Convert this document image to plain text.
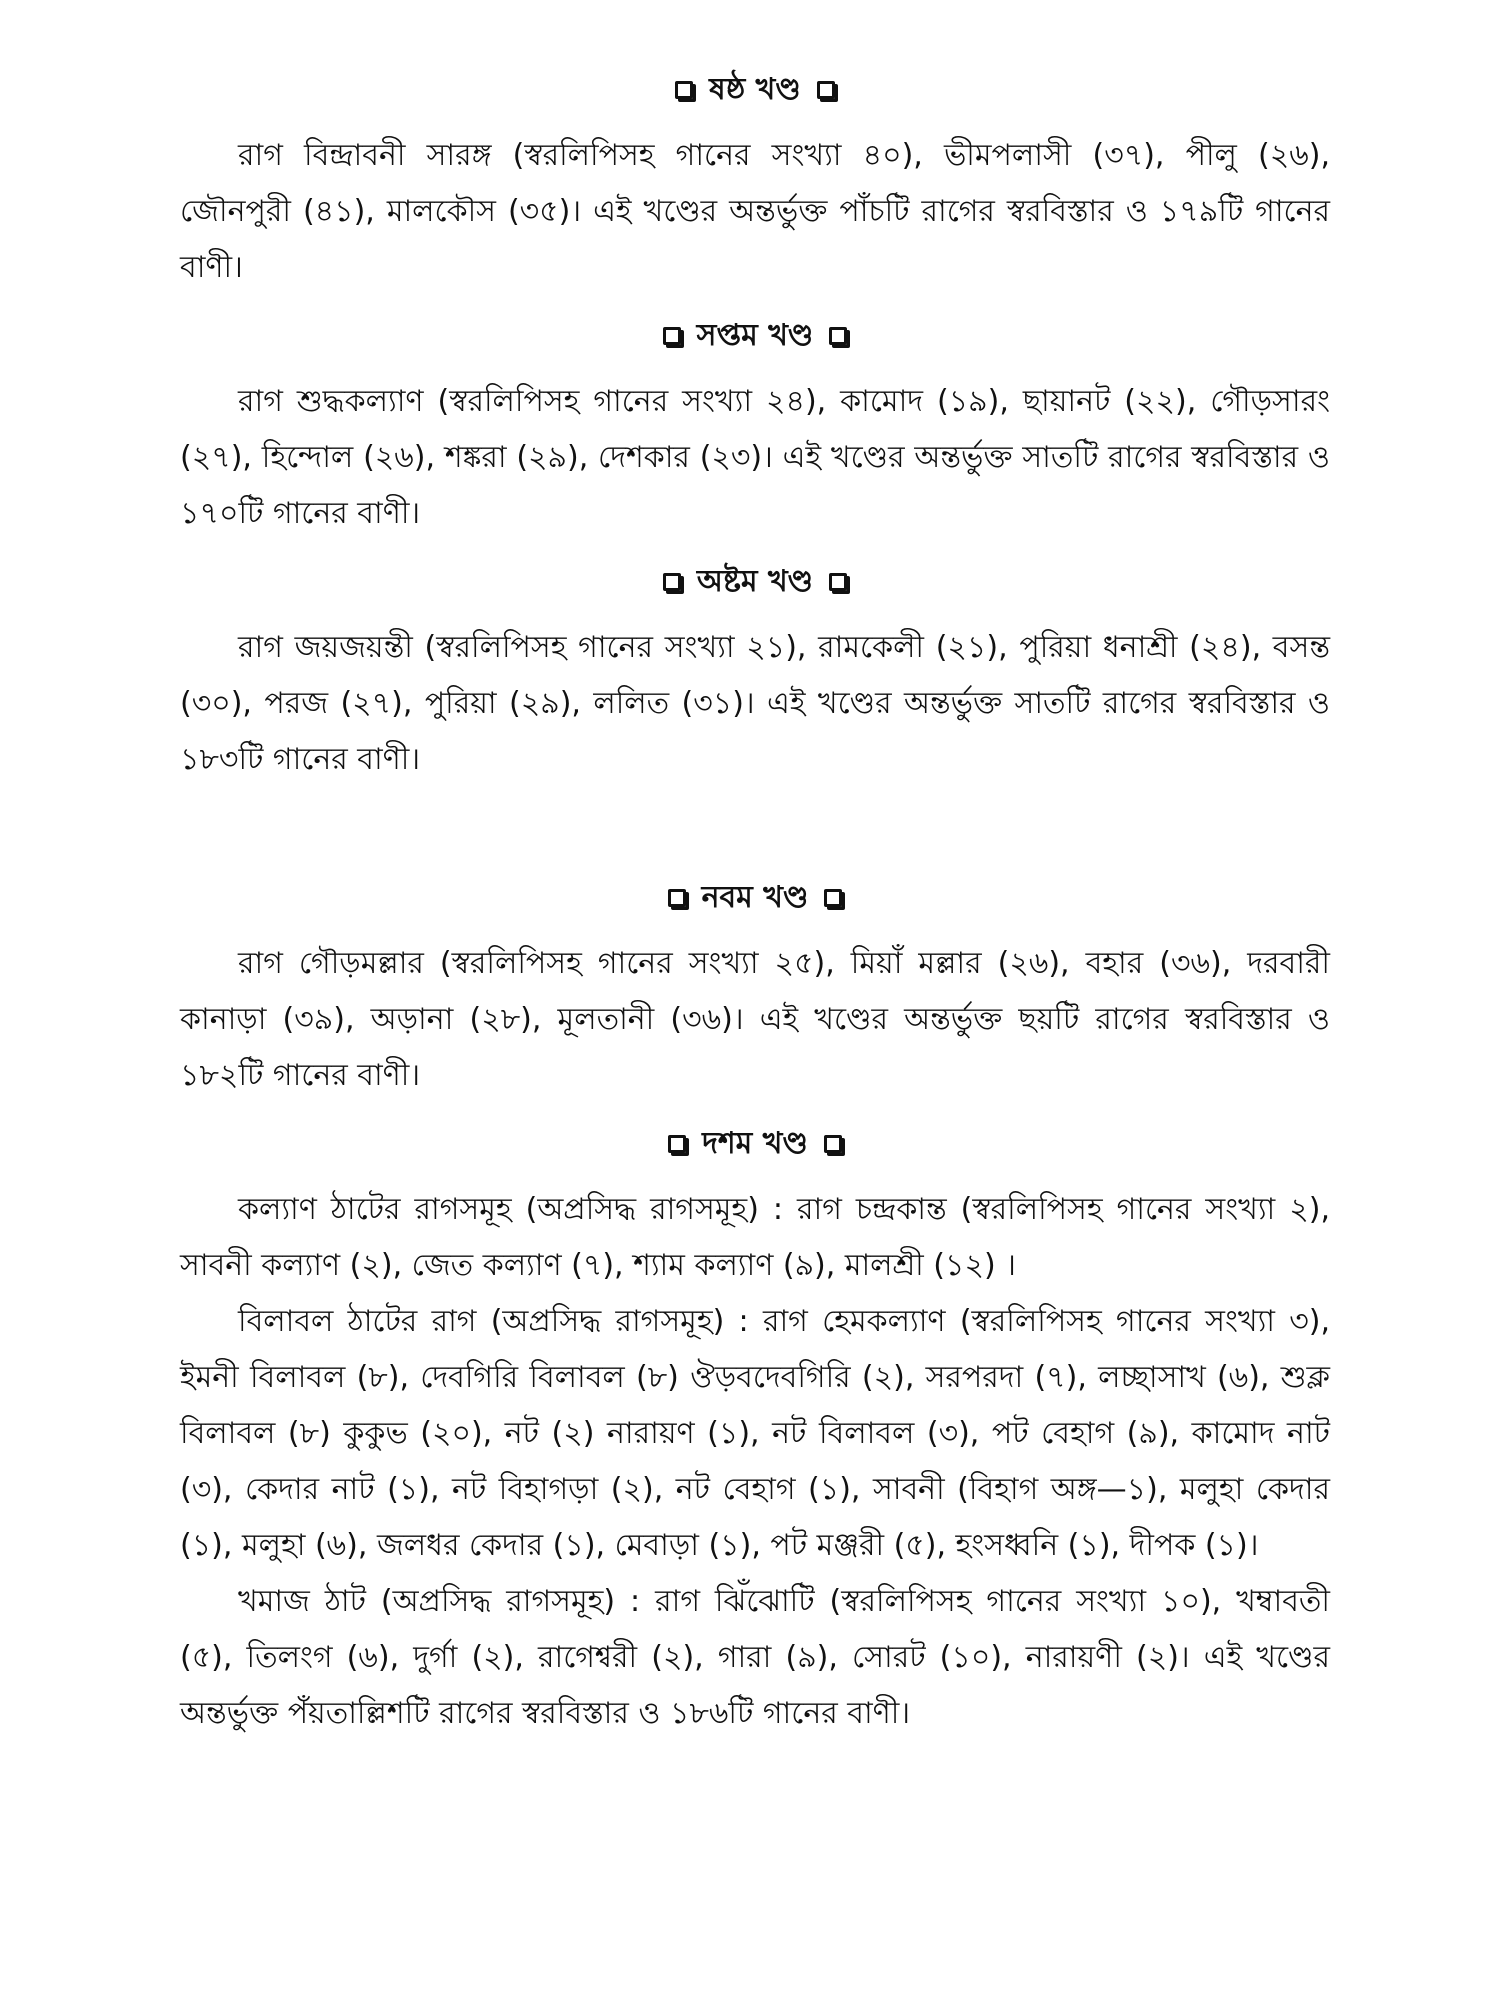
ষষ্ঠ খণ্ড

রাগ বিন্দ্রাবনী সারঙ্গ (স্বরলিপিসহ গানের সংখ্যা ৪০), ভীমপলাসী (৩৭), পীলু (২৬), জৌনপুরী (৪১), মালকৌস (৩৫)। এই খণ্ডের অন্তর্ভুক্ত পাঁচটি রাগের স্বরবিস্তার ও ১৭৯টি গানের বাণী।

সপ্তম খণ্ড

রাগ শুদ্ধকল্যাণ (স্বরলিপিসহ গানের সংখ্যা ২৪), কামোদ (১৯), ছায়ানট (২২), গৌড়সারং (২৭), হিন্দোল (২৬), শঙ্করা (২৯), দেশকার (২৩)। এই খণ্ডের অন্তর্ভুক্ত সাতটি রাগের স্বরবিস্তার ও ১৭০টি গানের বাণী।

অষ্টম খণ্ড

রাগ জয়জয়ন্তী (স্বরলিপিসহ গানের সংখ্যা ২১), রামকেলী (২১), পুরিয়া ধনাশ্রী (২৪), বসন্ত (৩০), পরজ (২৭), পুরিয়া (২৯), ললিত (৩১)। এই খণ্ডের অন্তর্ভুক্ত সাতটি রাগের স্বরবিস্তার ও ১৮৩টি গানের বাণী।

নবম খণ্ড

রাগ গৌড়মল্লার (স্বরলিপিসহ গানের সংখ্যা ২৫), মিয়াঁ মল্লার (২৬), বহার (৩৬), দরবারী কানাড়া (৩৯), অড়ানা (২৮), মূলতানী (৩৬)। এই খণ্ডের অন্তর্ভুক্ত ছয়টি রাগের স্বরবিস্তার ও ১৮২টি গানের বাণী।

দশম খণ্ড

কল্যাণ ঠাটের রাগসমূহ (অপ্রসিদ্ধ রাগসমূহ) : রাগ চন্দ্রকান্ত (স্বরলিপিসহ গানের সংখ্যা ২), সাবনী কল্যাণ (২), জেত কল্যাণ (৭), শ্যাম কল্যাণ (৯), মালশ্রী (১২) ।

বিলাবল ঠাটের রাগ (অপ্রসিদ্ধ রাগসমূহ) : রাগ হেমকল্যাণ (স্বরলিপিসহ গানের সংখ্যা ৩), ইমনী বিলাবল (৮), দেবগিরি বিলাবল (৮) ঔড়বদেবগিরি (২), সরপরদা (৭), লচ্ছাসাখ (৬), শুক্ল বিলাবল (৮) কুকুভ (২০), নট (২) নারায়ণ (১), নট বিলাবল (৩), পট বেহাগ (৯), কামোদ নাট (৩), কেদার নাট (১), নট বিহাগড়া (২), নট বেহাগ (১), সাবনী (বিহাগ অঙ্গ—১), মলুহা কেদার (১), মলুহা (৬), জলধর কেদার (১), মেবাড়া (১), পট মঞ্জরী (৫), হংসধ্বনি (১), দীপক (১)।

খমাজ ঠাট (অপ্রসিদ্ধ রাগসমূহ) : রাগ ঝিঁঝোটি (স্বরলিপিসহ গানের সংখ্যা ১০), খম্বাবতী (৫), তিলংগ (৬), দুর্গা (২), রাগেশ্বরী (২), গারা (৯), সোরট (১০), নারায়ণী (২)। এই খণ্ডের অন্তর্ভুক্ত পঁয়তাল্লিশটি রাগের স্বরবিস্তার ও ১৮৬টি গানের বাণী।
